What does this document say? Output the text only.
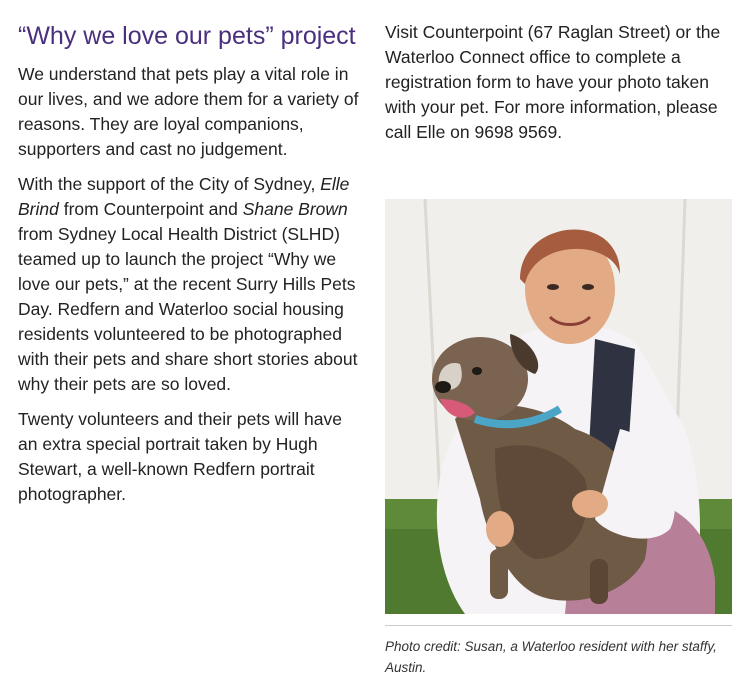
“Why we love our pets” project

We understand that pets play a vital role in our lives, and we adore them for a variety of reasons. They are loyal companions, supporters and cast no judgement.

With the support of the City of Sydney, Elle Brind from Counterpoint and Shane Brown from Sydney Local Health District (SLHD) teamed up to launch the project “Why we love our pets,” at the recent Surry Hills Pets Day. Redfern and Waterloo social housing residents volunteered to be photographed with their pets and share short stories about why their pets are so loved.

Twenty volunteers and their pets will have an extra special portrait taken by Hugh Stewart, a well-known Redfern portrait photographer.

Visit Counterpoint (67 Raglan Street) or the Waterloo Connect office to complete a registration form to have your photo taken with your pet. For more information, please call Elle on 9698 9569.

Photo credit: Susan, a Waterloo resident with her staffy, Austin.
